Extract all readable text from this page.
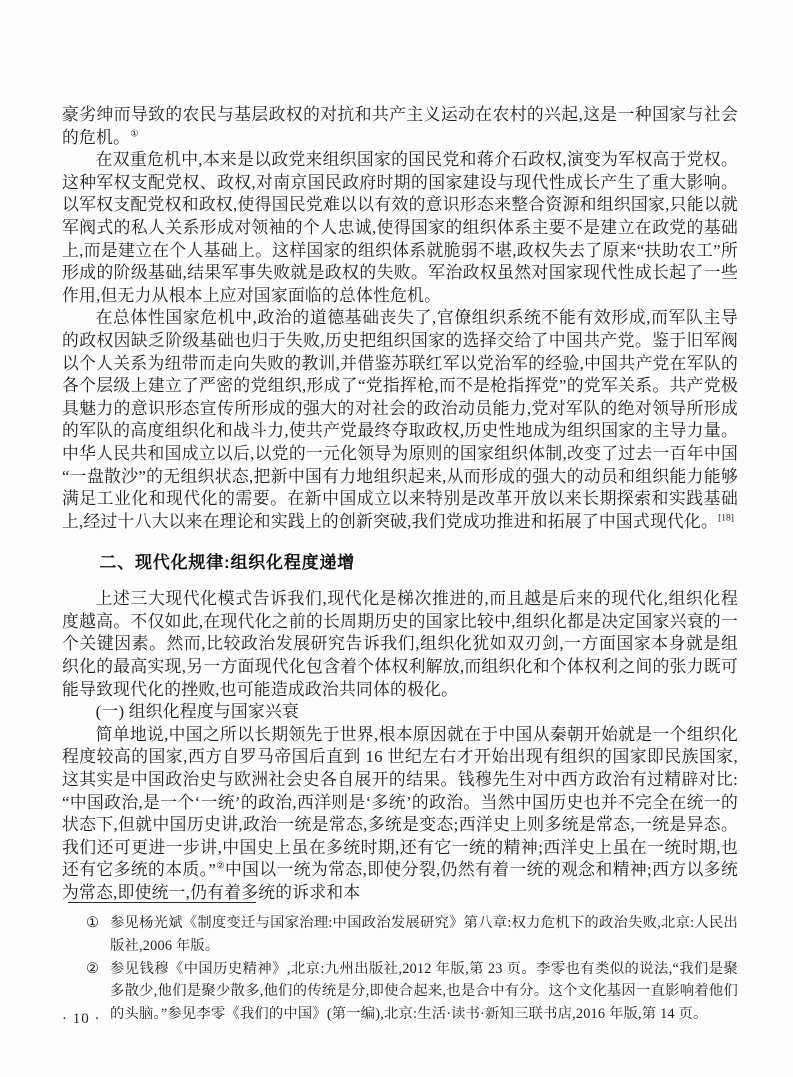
豪劣绅而导致的农民与基层政权的对抗和共产主义运动在农村的兴起,这是一种国家与社会的危机。①

在双重危机中,本来是以政党来组织国家的国民党和蒋介石政权,演变为军权高于党权。这种军权支配党权、政权,对南京国民政府时期的国家建设与现代性成长产生了重大影响。以军权支配党权和政权,使得国民党难以以有效的意识形态来整合资源和组织国家,只能以就军阀式的私人关系形成对领袖的个人忠诚,使得国家的组织体系主要不是建立在政党的基础上,而是建立在个人基础上。这样国家的组织体系就脆弱不堪,政权失去了原来“扶助农工”所形成的阶级基础,结果军事失败就是政权的失败。军治政权虽然对国家现代性成长起了一些作用,但无力从根本上应对国家面临的总体性危机。

在总体性国家危机中,政治的道德基础丧失了,官僚组织系统不能有效形成,而军队主导的政权因缺乏阶级基础也归于失败,历史把组织国家的选择交给了中国共产党。鉴于旧军阀以个人关系为纽带而走向失败的教训,并借鉴苏联红军以党治军的经验,中国共产党在军队的各个层级上建立了严密的党组织,形成了“党指挥枪,而不是枪指挥党”的党军关系。共产党极具魅力的意识形态宣传所形成的强大的对社会的政治动员能力,党对军队的绝对领导所形成的军队的高度组织化和战斗力,使共产党最终夺取政权,历史性地成为组织国家的主导力量。中华人民共和国成立以后,以党的一元化领导为原则的国家组织体制,改变了过去一百年中国“一盘散沙”的无组织状态,把新中国有力地组织起来,从而形成的强大的动员和组织能力能够满足工业化和现代化的需要。在新中国成立以来特别是改革开放以来长期探索和实践基础上,经过十八大以来在理论和实践上的创新突破,我们党成功推进和拓展了中国式现代化。[18]

二、现代化规律:组织化程度递增

上述三大现代化模式告诉我们,现代化是梯次推进的,而且越是后来的现代化,组织化程度越高。不仅如此,在现代化之前的长周期历史的国家比较中,组织化都是决定国家兴衰的一个关键因素。然而,比较政治发展研究告诉我们,组织化犹如双刃剑,一方面国家本身就是组织化的最高实现,另一方面现代化包含着个体权利解放,而组织化和个体权利之间的张力既可能导致现代化的挫败,也可能造成政治共同体的极化。

(一) 组织化程度与国家兴衰

简单地说,中国之所以长期领先于世界,根本原因就在于中国从秦朝开始就是一个组织化程度较高的国家,西方自罗马帝国后直到 16 世纪左右才开始出现有组织的国家即民族国家,这其实是中国政治史与欧洲社会史各自展开的结果。钱穆先生对中西方政治有过精辟对比:“中国政治,是一个‘一统’的政治,西洋则是‘多统’的政治。当然中国历史也并不完全在统一的状态下,但就中国历史讲,政治一统是常态,多统是变态;西洋史上则多统是常态,一统是异态。我们还可更进一步讲,中国史上虽在多统时期,还有它一统的精神;西洋史上虽在一统时期,也还有它多统的本质。”②中国以一统为常态,即使分裂,仍然有着一统的观念和精神;西方以多统为常态,即使统一,仍有着多统的诉求和本

① 参见杨光斌《制度变迁与国家治理:中国政治发展研究》第八章:权力危机下的政治失败,北京:人民出版社,2006 年版。
② 参见钱穆《中国历史精神》,北京:九州出版社,2012 年版,第 23 页。李零也有类似的说法,“我们是聚多散少,他们是聚少散多,他们的传统是分,即使合起来,也是合中有分。这个文化基因一直影响着他们的头脑。”参见李零《我们的中国》(第一编),北京:生活·读书·新知三联书店,2016 年版,第 14 页。
· 10 ·
